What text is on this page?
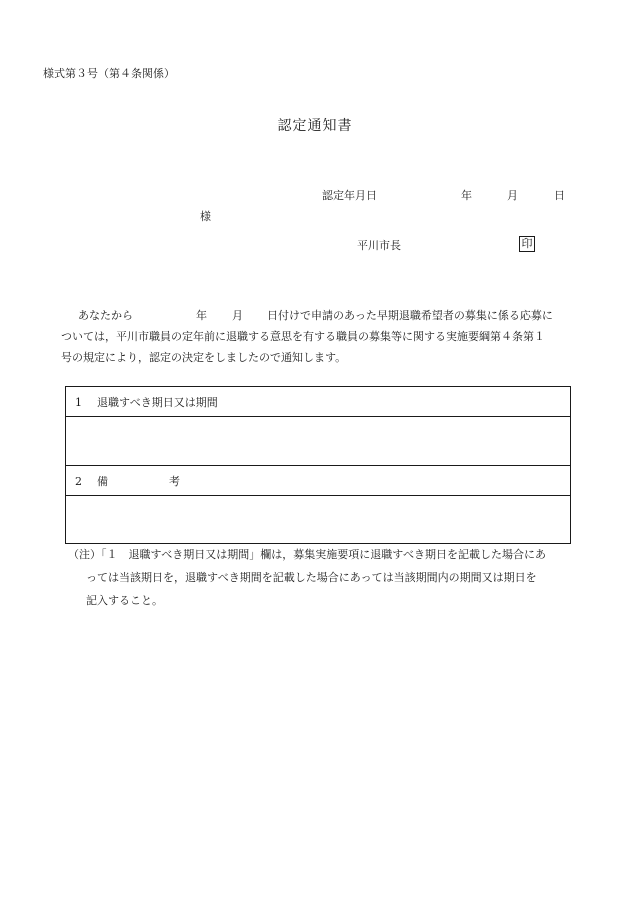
様式第３号（第４条関係）
認定通知書
認定年月日	年	月	日
様
平川市長	印
あなたから	年 月 日付けで申請のあった早期退職希望者の募集に係る応募に
ついては，平川市職員の定年前に退職する意思を有する職員の募集等に関する実施要綱第４条第１
号の規定により，認定の決定をしましたので通知します。
1 退職すべき期日又は期間

2 備	考

（注）「１　退職すべき期日又は期間」欄は，募集実施要項に退職すべき期日を記載した場合にあ
っては当該期日を，退職すべき期間を記載した場合にあっては当該期間内の期間又は期日を
記入すること。
